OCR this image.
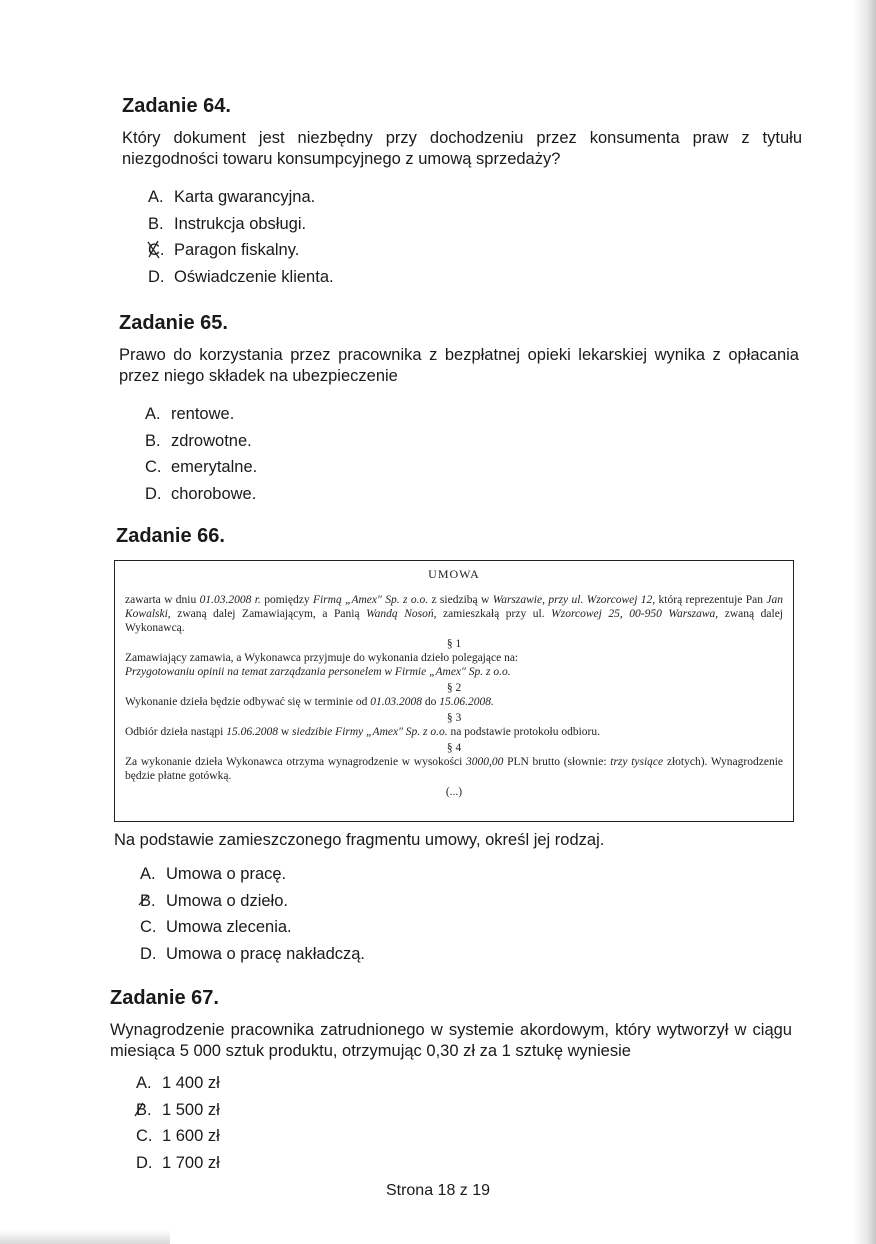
Zadanie 64.

Który dokument jest niezbędny przy dochodzeniu przez konsumenta praw z tytułu niezgodności towaru konsumpcyjnego z umową sprzedaży?

A. Karta gwarancyjna.
B. Instrukcja obsługi.
C. Paragon fiskalny.
D. Oświadczenie klienta.
Zadanie 65.

Prawo do korzystania przez pracownika z bezpłatnej opieki lekarskiej wynika z opłacania przez niego składek na ubezpieczenie

A. rentowe.
B. zdrowotne.
C. emerytalne.
D. chorobowe.
Zadanie 66.

UMOWA

zawarta w dniu 01.03.2008 r. pomiędzy Firmą „Amex" Sp. z o.o. z siedzibą w Warszawie, przy ul. Wzorcowej 12, którą reprezentuje Pan Jan Kowalski, zwaną dalej Zamawiającym, a Panią Wandą Nosoń, zamieszkałą przy ul. Wzorcowej 25, 00-950 Warszawa, zwaną dalej Wykonawcą.

§ 1

Zamawiający zamawia, a Wykonawca przyjmuje do wykonania dzieło polegające na:

Przygotowaniu opinii na temat zarządzania personelem w Firmie „Amex" Sp. z o.o.

§ 2

Wykonanie dzieła będzie odbywać się w terminie od 01.03.2008 do 15.06.2008.

§ 3

Odbiór dzieła nastąpi 15.06.2008 w siedzibie Firmy „Amex" Sp. z o.o. na podstawie protokołu odbioru.

§ 4

Za wykonanie dzieła Wykonawca otrzyma wynagrodzenie w wysokości 3000,00 PLN brutto (słownie: trzy tysiące złotych). Wynagrodzenie będzie płatne gotówką.

(...)

Na podstawie zamieszczonego fragmentu umowy, określ jej rodzaj.

A. Umowa o pracę.
B. Umowa o dzieło.
C. Umowa zlecenia.
D. Umowa o pracę nakładczą.
Zadanie 67.

Wynagrodzenie pracownika zatrudnionego w systemie akordowym, który wytworzył w ciągu miesiąca 5 000 sztuk produktu, otrzymując 0,30 zł za 1 sztukę wyniesie

A. 1 400 zł
B. 1 500 zł
C. 1 600 zł
D. 1 700 zł
Strona 18 z 19
